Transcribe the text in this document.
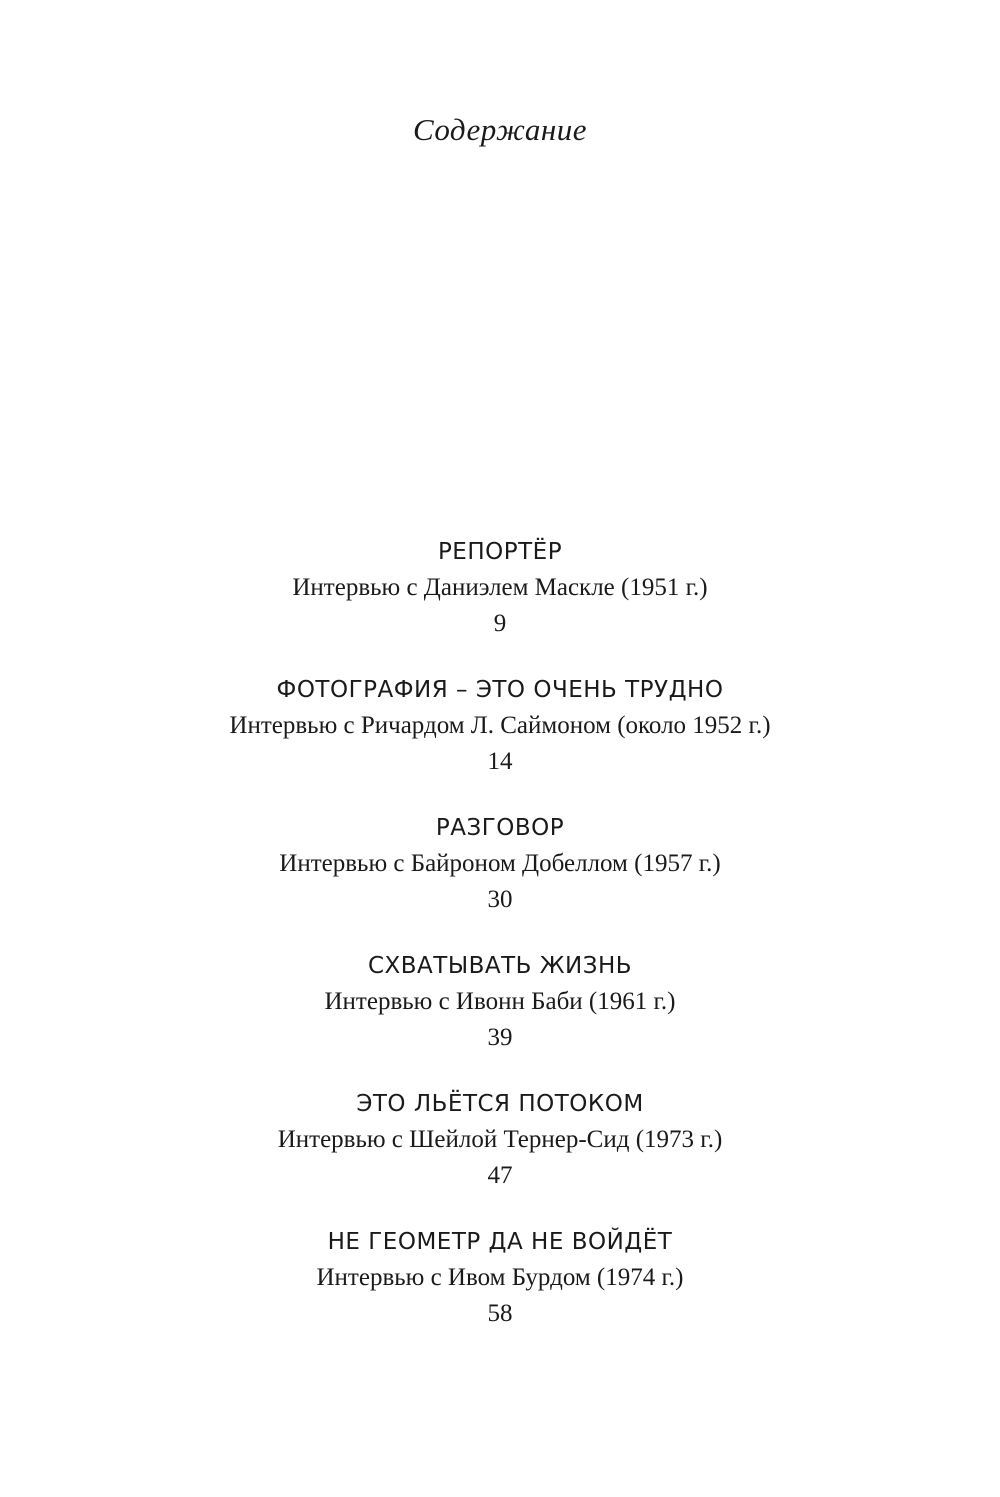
Содержание
РЕПОРТЁР
Интервью с Даниэлем Маскле (1951 г.)
9
ФОТОГРАФИЯ – ЭТО ОЧЕНЬ ТРУДНО
Интервью с Ричардом Л. Саймоном (около 1952 г.)
14
РАЗГОВОР
Интервью с Байроном Добеллом (1957 г.)
30
СХВАТЫВАТЬ ЖИЗНЬ
Интервью с Ивонн Баби (1961 г.)
39
ЭТО ЛЬЁТСЯ ПОТОКОМ
Интервью с Шейлой Тернер-Сид (1973 г.)
47
НЕ ГЕОМЕТР ДА НЕ ВОЙДЁТ
Интервью с Ивом Бурдом (1974 г.)
58
